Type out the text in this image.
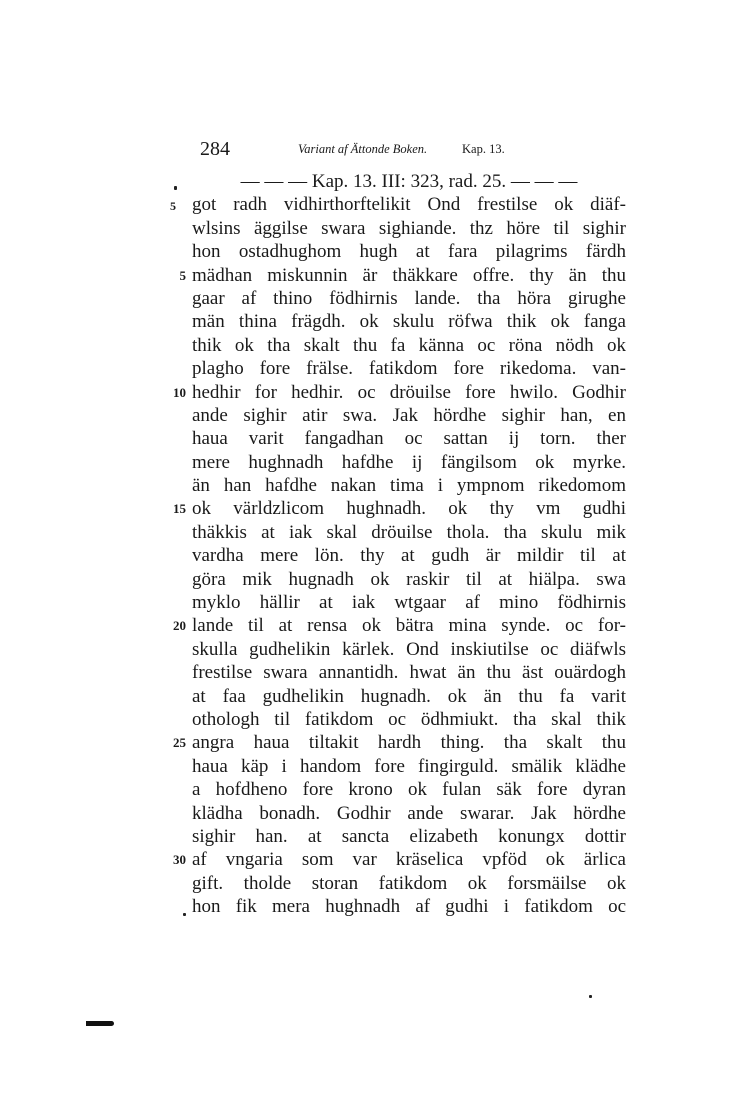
284	Variant af Ättonde Boken.	Kap. 13.
5
— — — Kap. 13. III: 323, rad. 25. — — —
got radh vidhirthorftelikit Ond frestilse ok diäf-
wlsins äggilse swara sighiande. thz höre til sighir
hon ostadhughom hugh at fara pilagrims färdh
mädhan miskunnin är thäkkare offre. thy än thu
5
gaar af thino födhirnis lande. tha höra girughe
män thina frägdh. ok skulu röfwa thik ok fanga
thik ok tha skalt thu fa känna oc röna nödh ok
plagho fore frälse. fatikdom fore rikedoma. van-
hedhir for hedhir. oc dröuilse fore hwilo. Godhir
10
ande sighir atir swa. Jak hördhe sighir han, en
haua varit fangadhan oc sattan ij torn. ther
mere hughnadh hafdhe ij fängilsom ok myrke.
än han hafdhe nakan tima i ympnom rikedomom
ok världzlicom hughnadh. ok thy vm gudhi
15
thäkkis at iak skal dröuilse thola. tha skulu mik
vardha mere lön. thy at gudh är mildir til at
göra mik hugnadh ok raskir til at hiälpa. swa
myklo hällir at iak wtgaar af mino födhirnis
lande til at rensa ok bätra mina synde. oc for-
20
skulla gudhelikin kärlek. Ond inskiutilse oc diäfwls
frestilse swara annantidh. hwat än thu äst ouärdogh
at faa gudhelikin hugnadh. ok än thu fa varit
othologh til fatikdom oc ödhmiukt. tha skal thik
angra haua tiltakit hardh thing. tha skalt thu
25
haua käp i handom fore fingirguld. smälik klädhe
a hofdheno fore krono ok fulan säk fore dyran
klädha bonadh. Godhir ande swarar. Jak hördhe
sighir han. at sancta elizabeth konungx dottir
af vngaria som var kräselica vpföd ok ärlica
30
gift. tholde storan fatikdom ok forsmäilse ok
hon fik mera hughnadh af gudhi i fatikdom oc
